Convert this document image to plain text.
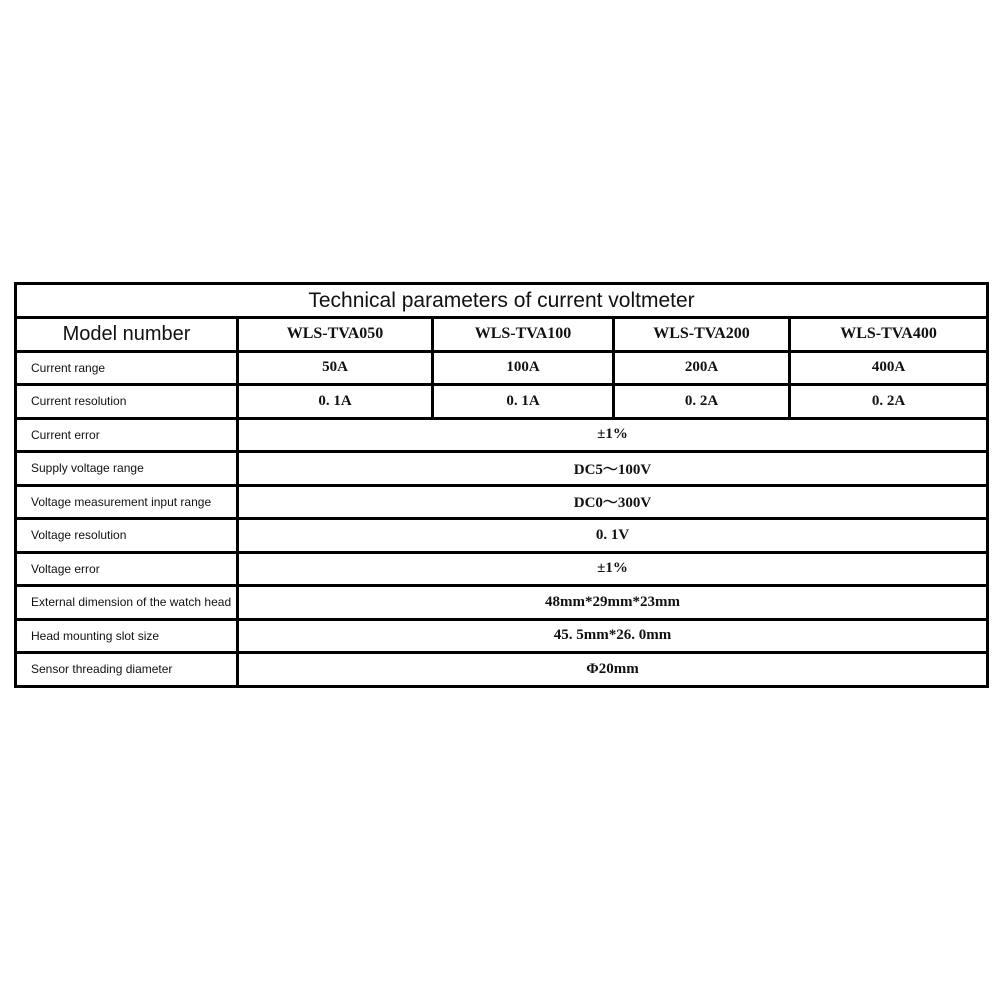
Technical parameters of current voltmeter				
Model number	WLS-TVA050	WLS-TVA100	WLS-TVA200	WLS-TVA400
Current range	50A	100A	200A	400A
Current resolution	0. 1A	0. 1A	0. 2A	0. 2A
Current error	±1%			
Supply voltage range	DC5～100V			
Voltage measurement input range	DC0～300V			
Voltage resolution	0. 1V			
Voltage error	±1%			
External dimension of the watch head	48mm*29mm*23mm			
Head mounting slot size	45. 5mm*26. 0mm			
Sensor threading diameter	Φ20mm			
